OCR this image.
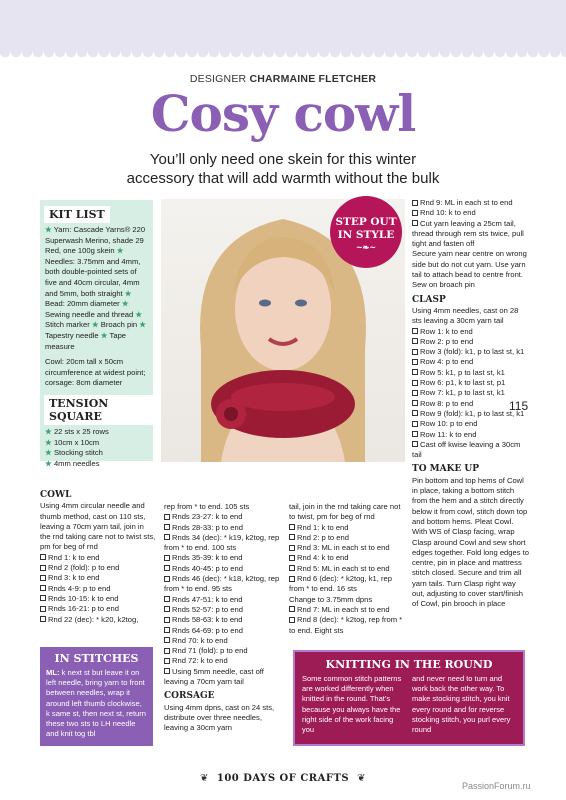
DESIGNER CHARMAINE FLETCHER
Cosy cowl
You’ll only need one skein for this winter
accessory that will add warmth without the bulk
KIT LIST

★ Yarn: Cascade Yarns® 220 Superwash Merino, shade 29 Red, one 100g skein ★ Needles: 3.75mm and 4mm, both double-pointed sets of five and 40cm circular, 4mm and 5mm, both straight ★ Bead: 20mm diameter ★ Sewing needle and thread ★ Stitch marker ★ Broach pin ★ Tapestry needle ★ Tape measure

Cowl: 20cm tall x 50cm circumference at widest point; corsage: 8cm diameter

TENSION SQUARE

★ 22 sts x 25 rows
★ 10cm x 10cm
★ Stocking stitch
★ 4mm needles

STEP OUT
IN STYLE
~❧~
COWL
Using 4mm circular needle and thumb method, cast on 110 sts, leaving a 70cm yarn tail, join in the rnd taking care not to twist sts, pm for beg of rnd
Rnd 1: k to end
Rnd 2 (fold): p to end
Rnd 3: k to end
Rnds 4-9: p to end
Rnds 10-15: k to end
Rnds 16-21: p to end
Rnd 22 (dec): * k20, k2tog,
rep from * to end. 105 sts
Rnds 23-27: k to end
Rnds 28-33: p to end
Rnds 34 (dec): * k19, k2tog, rep from * to end. 100 sts
Rnds 35-39: k to end
Rnds 40-45: p to end
Rnds 46 (dec): * k18, k2tog, rep from * to end. 95 sts
Rnds 47-51: k to end
Rnds 52-57: p to end
Rnds 58-63: k to end
Rnds 64-69: p to end
Rnd 70: k to end
Rnd 71 (fold): p to end
Rnd 72: k to end
Using 5mm needle, cast off leaving a 70cm yarn tail
CORSAGE
Using 4mm dpns, cast on 24 sts, distribute over three needles, leaving a 30cm yarn
tail, join in the rnd taking care not to twist, pm for beg of rnd
Rnd 1: k to end
Rnd 2: p to end
Rnd 3: ML in each st to end
Rnd 4: k to end
Rnd 5: ML in each st to end
Rnd 6 (dec): * k2tog, k1, rep from * to end. 16 sts
Change to 3.75mm dpns
Rnd 7: ML in each st to end
Rnd 8 (dec): * k2tog, rep from * to end. Eight sts
Rnd 9: ML in each st to end
Rnd 10: k to end
Cut yarn leaving a 25cm tail, thread through rem sts twice, pull tight and fasten off
Secure yarn near centre on wrong side but do not cut yarn. Use yarn tail to attach bead to centre front. Sew on broach pin
CLASP
Using 4mm needles, cast on 28 sts leaving a 30cm yarn tail
Row 1: k to end
Row 2: p to end
Row 3 (fold): k1, p to last st, k1
Row 4: p to end
Row 5: k1, p to last st, k1
Row 6: p1, k to last st, p1
Row 7: k1, p to last st, k1
Row 8: p to end
Row 9 (fold): k1, p to last st, k1
Row 10: p to end
Row 11: k to end
Cast off kwise leaving a 30cm tail
TO MAKE UP
Pin bottom and top hems of Cowl in place, taking a bottom stitch from the hem and a stitch directly below it from cowl, stitch down top and bottom hems. Pleat Cowl. With WS of Clasp facing, wrap Clasp around Cowl and sew short edges together. Fold long edges to centre, pin in place and mattress stitch closed. Secure and trim all yarn tails. Turn Clasp right way out, adjusting to cover start/finish of Cowl, pin brooch in place
115
IN STITCHES

ML: k next st but leave it on left needle, bring yarn to front between needles, wrap it around left thumb clockwise, k same st, then next st, return these two sts to LH needle and knit tog tbl

KNITTING IN THE ROUND

Some common stitch patterns are worked differently when knitted in the round. That’s because you always have the right side of the work facing you

and never need to turn and work back the other way. To make stocking stitch, you knit every round and for reverse stocking stitch, you purl every round

❦ 100 DAYS OF CRAFTS ❦
PassionForum.ru
